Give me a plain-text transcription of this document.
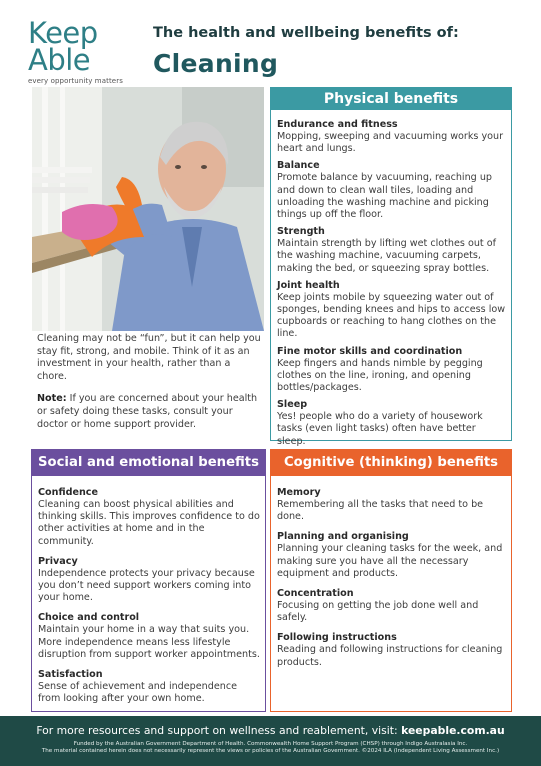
Keep
Able
every opportunity matters
The health and wellbeing benefits of:
Cleaning

Cleaning may not be “fun”, but it can help you stay fit, strong, and mobile. Think of it as an investment in your health, rather than a chore.

Note: If you are concerned about your health or safety doing these tasks, consult your doctor or home support provider.

Physical benefits
Endurance and fitness
Mopping, sweeping and vacuuming works your heart and lungs.
Balance
Promote balance by vacuuming, reaching up and down to clean wall tiles, loading and unloading the washing machine and picking things up off the floor.
Strength
Maintain strength by lifting wet clothes out of the washing machine, vacuuming carpets, making the bed, or squeezing spray bottles.
Joint health
Keep joints mobile by squeezing water out of sponges, bending knees and hips to access low cupboards or reaching to hang clothes on the line.
Fine motor skills and coordination
Keep fingers and hands nimble by pegging clothes on the line, ironing, and opening bottles/packages.
Sleep
Yes! people who do a variety of housework tasks (even light tasks) often have better sleep.
Social and emotional benefits
Confidence
Cleaning can boost physical abilities and thinking skills. This improves confidence to do other activities at home and in the community.
Privacy
Independence protects your privacy because you don’t need support workers coming into your home.
Choice and control
Maintain your home in a way that suits you. More independence means less lifestyle disruption from support worker appointments.
Satisfaction
Sense of achievement and independence from looking after your own home.
Cognitive (thinking) benefits
Memory
Remembering all the tasks that need to be done.
Planning and organising
Planning your cleaning tasks for the week, and making sure you have all the necessary equipment and products.
Concentration
Focusing on getting the job done well and safely.
Following instructions
Reading and following instructions for cleaning products.
For more resources and support on wellness and reablement, visit: keepable.com.au
Funded by the Australian Government Department of Health. Commonwealth Home Support Program (CHSP) through Indigo Australasia Inc.
The material contained herein does not necessarily represent the views or policies of the Australian Government. ©2024 ILA (Independent Living Assessment Inc.)
